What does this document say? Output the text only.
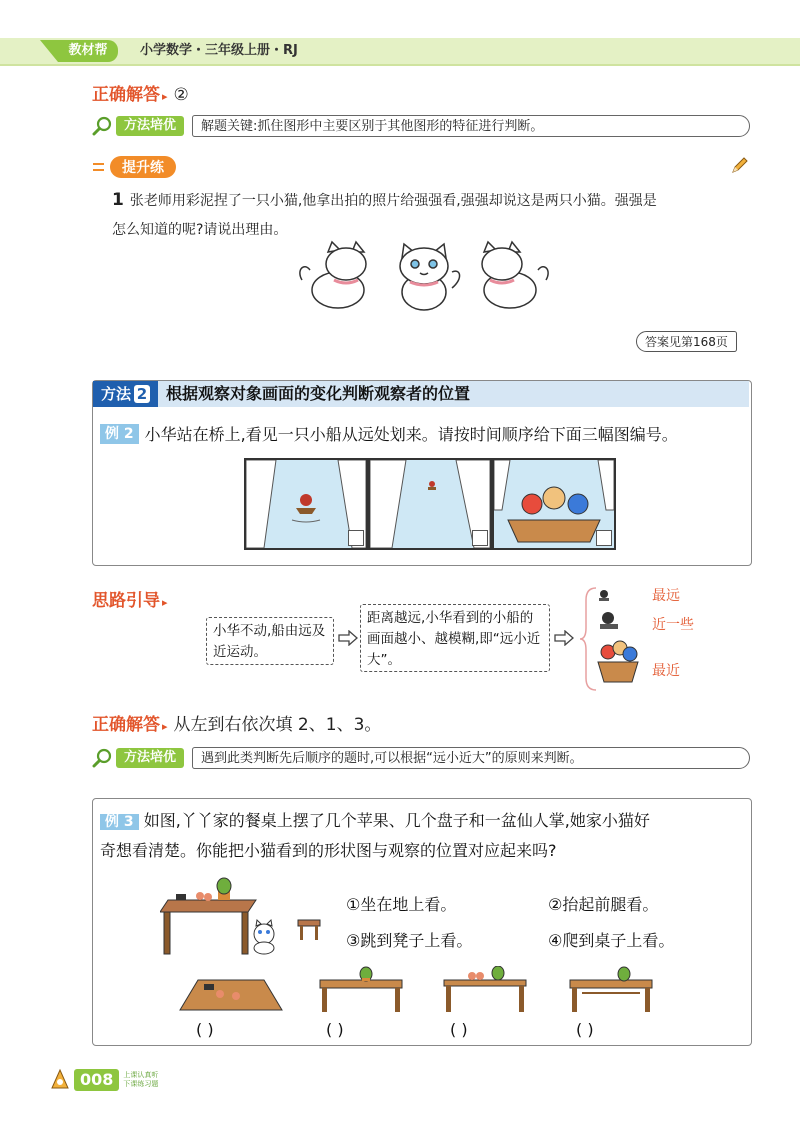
教材帮	小学数学・三年级上册・RJ
正确解答 ▸ ②
方法培优	解题关键:抓住图形中主要区别于其他图形的特征进行判断。
提升练
1 张老师用彩泥捏了一只小猫,他拿出拍的照片给强强看,强强却说这是两只小猫。强强是
怎么知道的呢?请说出理由。
答案见第168页
方法 2	根据观察对象画面的变化判断观察者的位置
例 2 小华站在桥上,看见一只小船从远处划来。请按时间顺序给下面三幅图编号。
思路引导 ▸
小华不动,船由远及近运动。
距离越远,小华看到的小船的画面越小、越模糊,即“远小近大”。
最远
近一些
最近
正确解答 ▸ 从左到右依次填 2、1、3。
方法培优	遇到此类判断先后顺序的题时,可以根据“远小近大”的原则来判断。
例 3 如图,丫丫家的餐桌上摆了几个苹果、几个盘子和一盆仙人掌,她家小猫好
奇想看清楚。你能把小猫看到的形状图与观察的位置对应起来吗?
①坐在地上看。	②抬起前腿看。
③跳到凳子上看。	④爬到桌子上看。
( )	( )	( )	( )
008	上课认真听
下课练习题
